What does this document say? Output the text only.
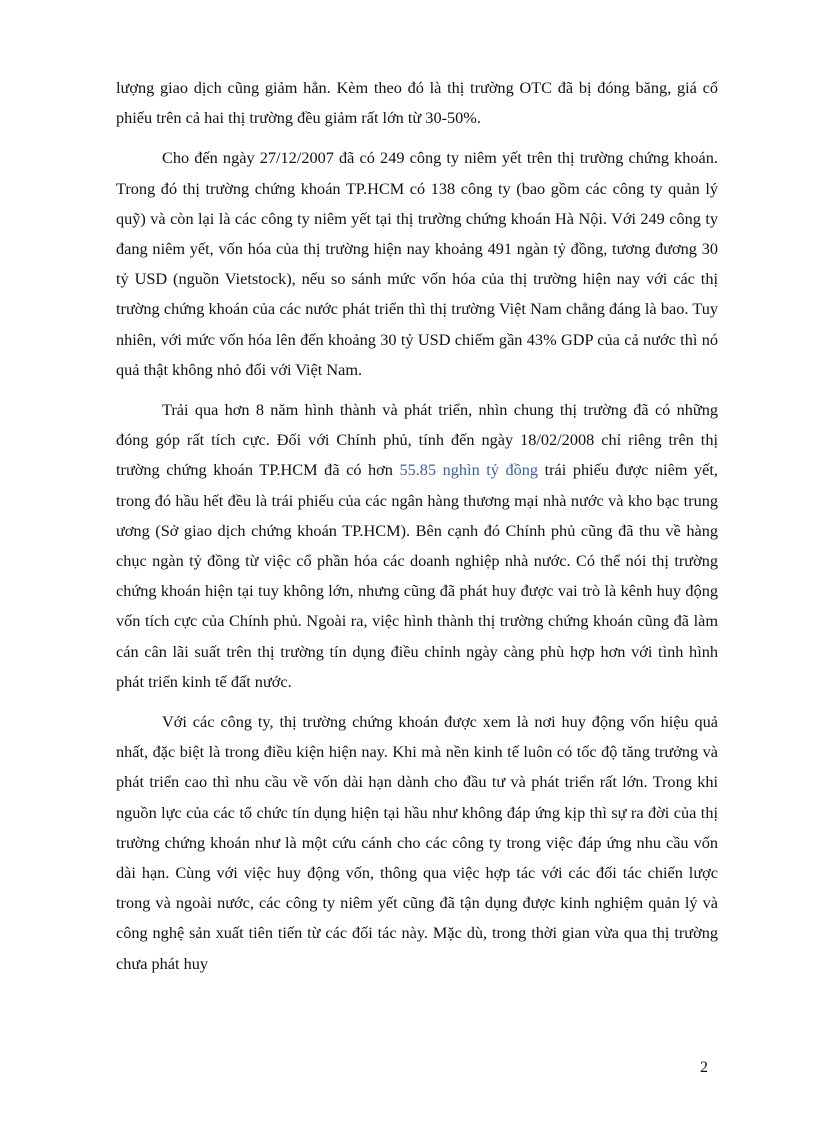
lượng giao dịch cũng giảm hẳn. Kèm theo đó là thị trường OTC đã bị đóng băng, giá cổ phiếu trên cả hai thị trường đều giảm rất lớn từ 30-50%.

Cho đến ngày 27/12/2007 đã có 249 công ty niêm yết trên thị trường chứng khoán. Trong đó thị trường chứng khoán TP.HCM có 138 công ty (bao gồm các công ty quản lý quỹ) và còn lại là các công ty niêm yết tại thị trường chứng khoán Hà Nội. Với 249 công ty đang niêm yết, vốn hóa của thị trường hiện nay khoảng 491 ngàn tỷ đồng, tương đương 30 tỷ USD (nguồn Vietstock), nếu so sánh mức vốn hóa của thị trường hiện nay với các thị trường chứng khoán của các nước phát triển thì thị trường Việt Nam chẳng đáng là bao. Tuy nhiên, với mức vốn hóa lên đến khoảng 30 tỷ USD chiếm gần 43% GDP của cả nước thì nó quả thật không nhỏ đối với Việt Nam.

Trải qua hơn 8 năm hình thành và phát triển, nhìn chung thị trường đã có những đóng góp rất tích cực. Đối với Chính phủ, tính đến ngày 18/02/2008 chỉ riêng trên thị trường chứng khoán TP.HCM đã có hơn 55.85 nghìn tỷ đồng trái phiếu được niêm yết, trong đó hầu hết đều là trái phiếu của các ngân hàng thương mại nhà nước và kho bạc trung ương (Sở giao dịch chứng khoán TP.HCM). Bên cạnh đó Chính phủ cũng đã thu về hàng chục ngàn tỷ đồng từ việc cổ phần hóa các doanh nghiệp nhà nước. Có thể nói thị trường chứng khoán hiện tại tuy không lớn, nhưng cũng đã phát huy được vai trò là kênh huy động vốn tích cực của Chính phủ. Ngoài ra, việc hình thành thị trường chứng khoán cũng đã làm cán cân lãi suất trên thị trường tín dụng điều chỉnh ngày càng phù hợp hơn với tình hình phát triển kinh tế đất nước.

Với các công ty, thị trường chứng khoán được xem là nơi huy động vốn hiệu quả nhất, đặc biệt là trong điều kiện hiện nay. Khi mà nền kinh tế luôn có tốc độ tăng trưởng và phát triển cao thì nhu cầu về vốn dài hạn dành cho đầu tư và phát triển rất lớn. Trong khi nguồn lực của các tổ chức tín dụng hiện tại hầu như không đáp ứng kịp thì sự ra đời của thị trường chứng khoán như là một cứu cánh cho các công ty trong việc đáp ứng nhu cầu vốn dài hạn. Cùng với việc huy động vốn, thông qua việc hợp tác với các đối tác chiến lược trong và ngoài nước, các công ty niêm yết cũng đã tận dụng được kinh nghiệm quản lý và công nghệ sản xuất tiên tiến từ các đối tác này. Mặc dù, trong thời gian vừa qua thị trường chưa phát huy

2
